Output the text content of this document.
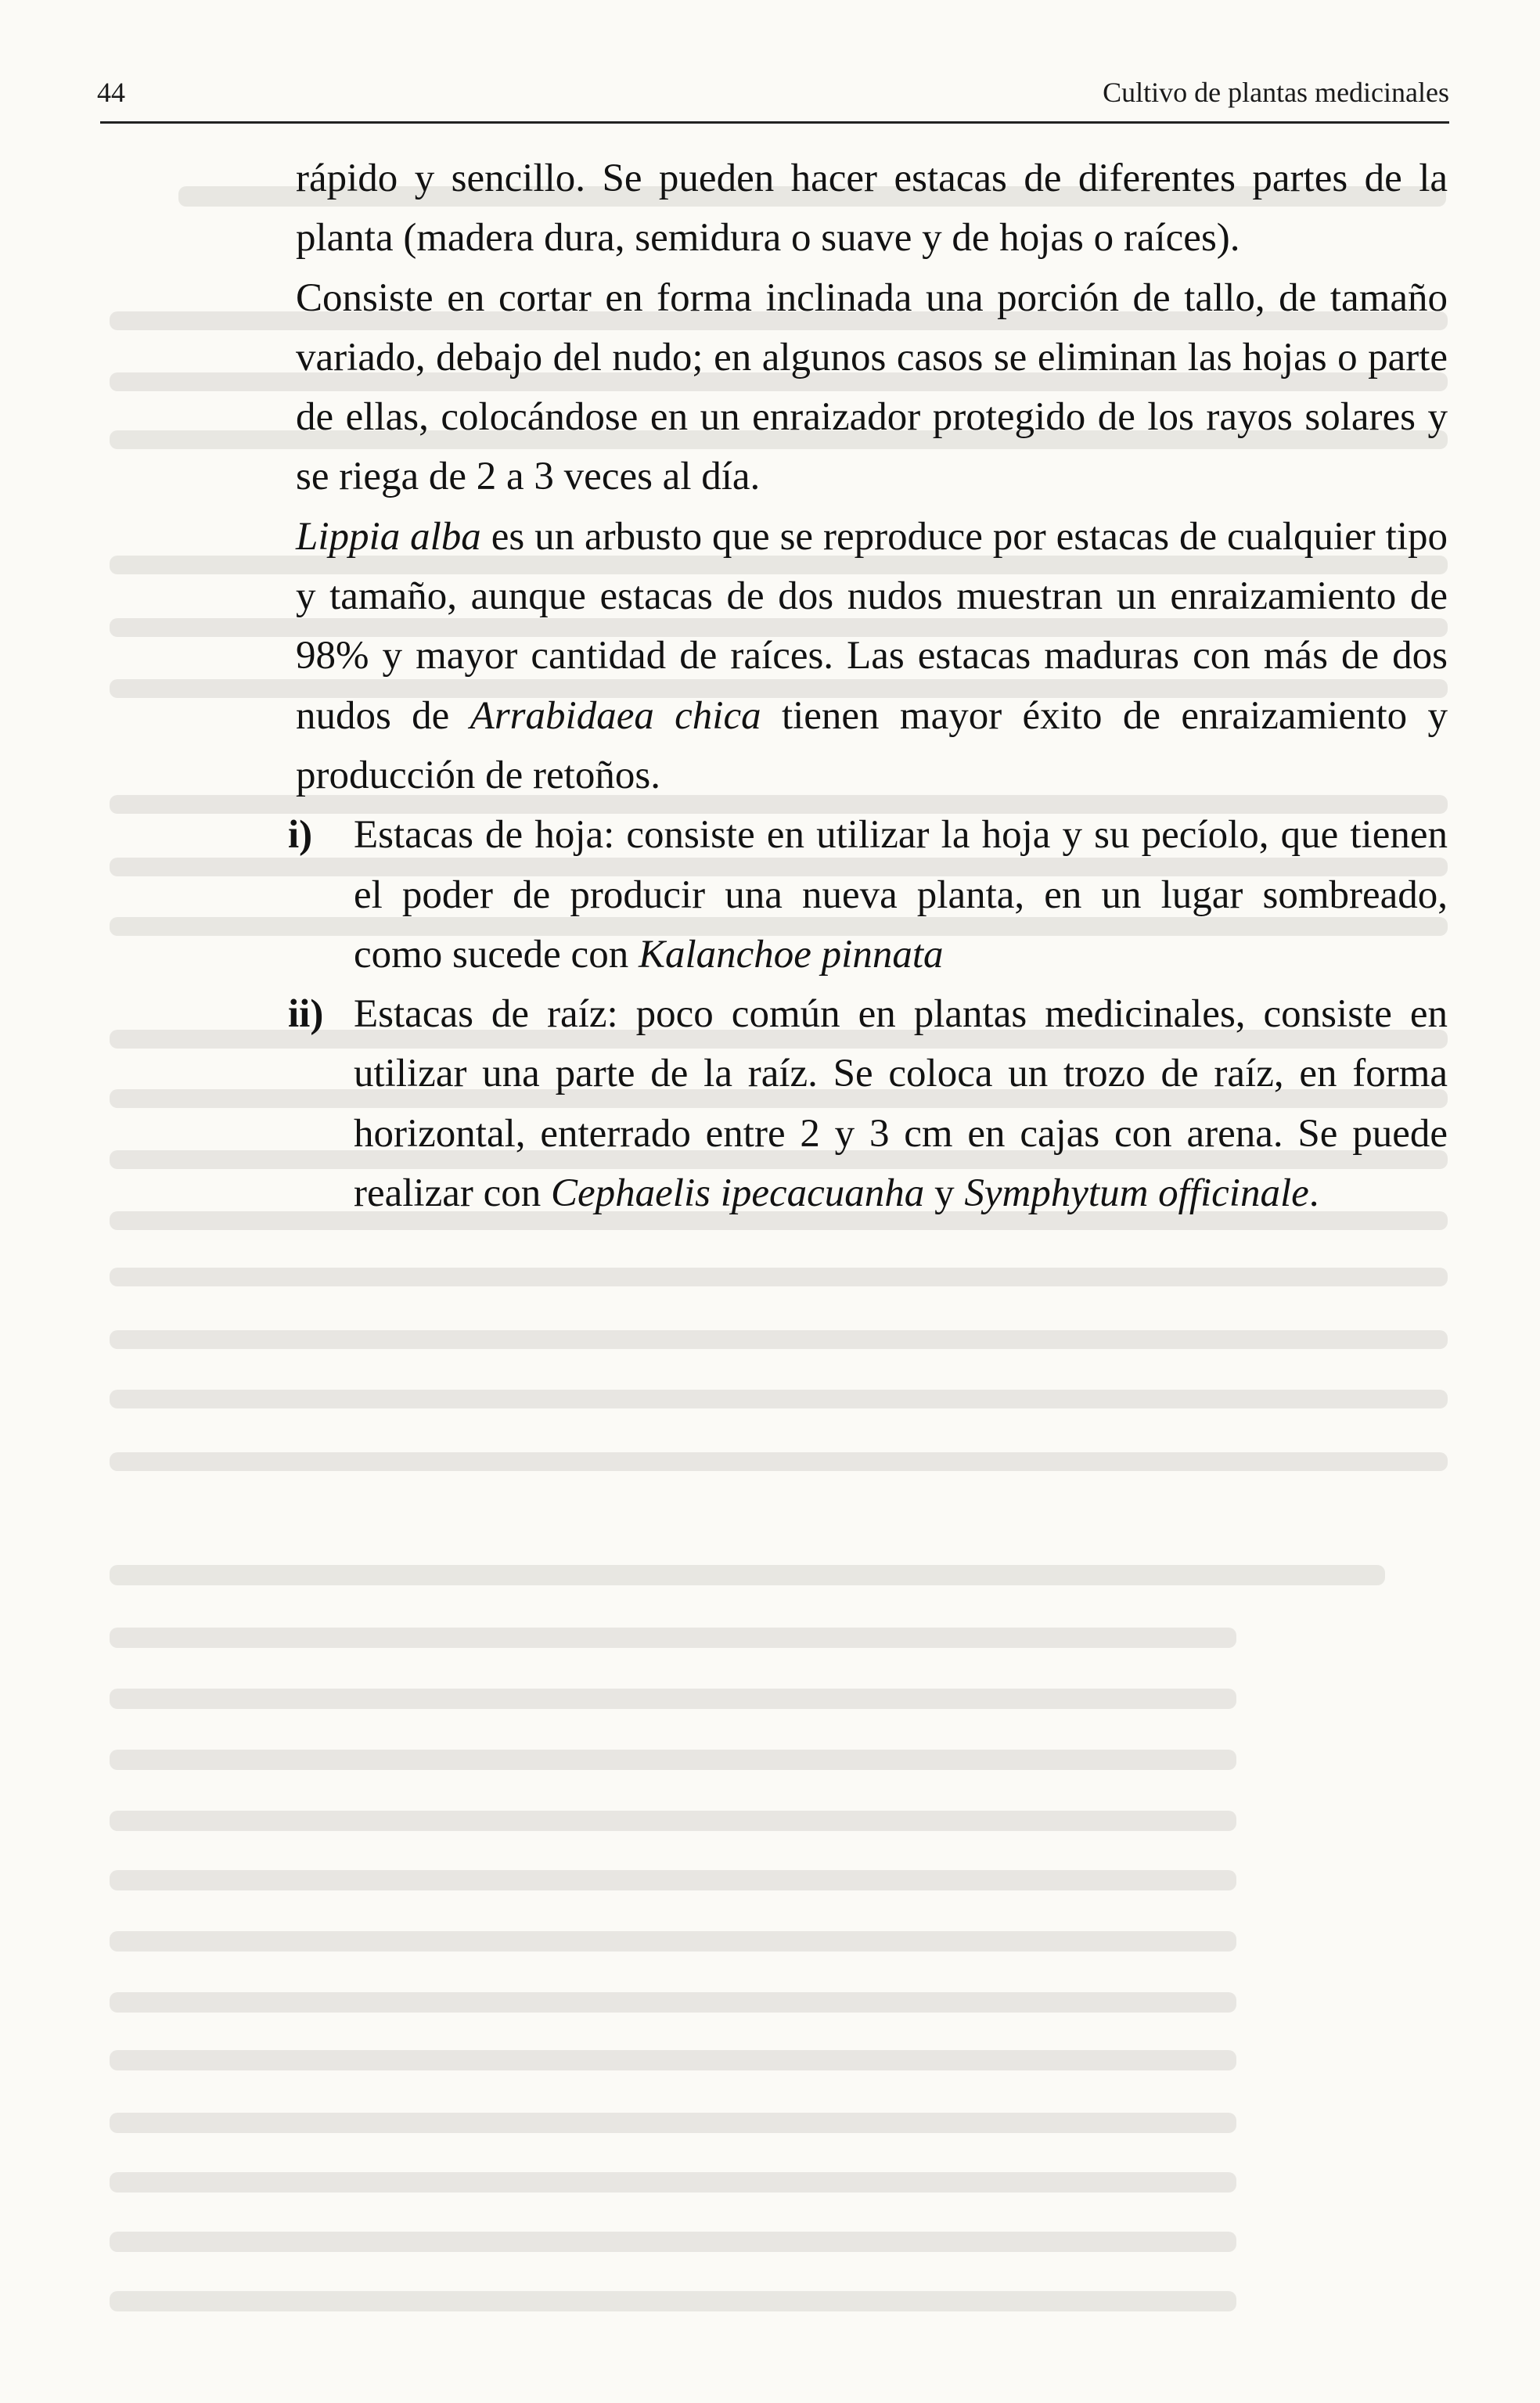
44	Cultivo de plantas medicinales

rápido y sencillo. Se pueden hacer estacas de diferentes partes de la planta (madera dura, semidura o suave y de hojas o raíces).

Consiste en cortar en forma inclinada una porción de tallo, de tamaño variado, debajo del nudo; en algunos casos se eliminan las hojas o parte de ellas, colocándose en un enraizador protegido de los rayos solares y se riega de 2 a 3 veces al día.

Lippia alba es un arbusto que se reproduce por estacas de cualquier tipo y tamaño, aunque estacas de dos nudos muestran un enraizamiento de 98% y mayor cantidad de raíces. Las estacas maduras con más de dos nudos de Arrabidaea chica tienen mayor éxito de enraizamiento y producción de retoños.

i) Estacas de hoja: consiste en utilizar la hoja y su pecíolo, que tienen el poder de producir una nueva planta, en un lugar sombreado, como sucede con Kalanchoe pinnata
ii) Estacas de raíz: poco común en plantas medicinales, consiste en utilizar una parte de la raíz. Se coloca un trozo de raíz, en forma horizontal, enterrado entre 2 y 3 cm en cajas con arena. Se puede realizar con Cephaelis ipecacuanha y Symphytum officinale.
